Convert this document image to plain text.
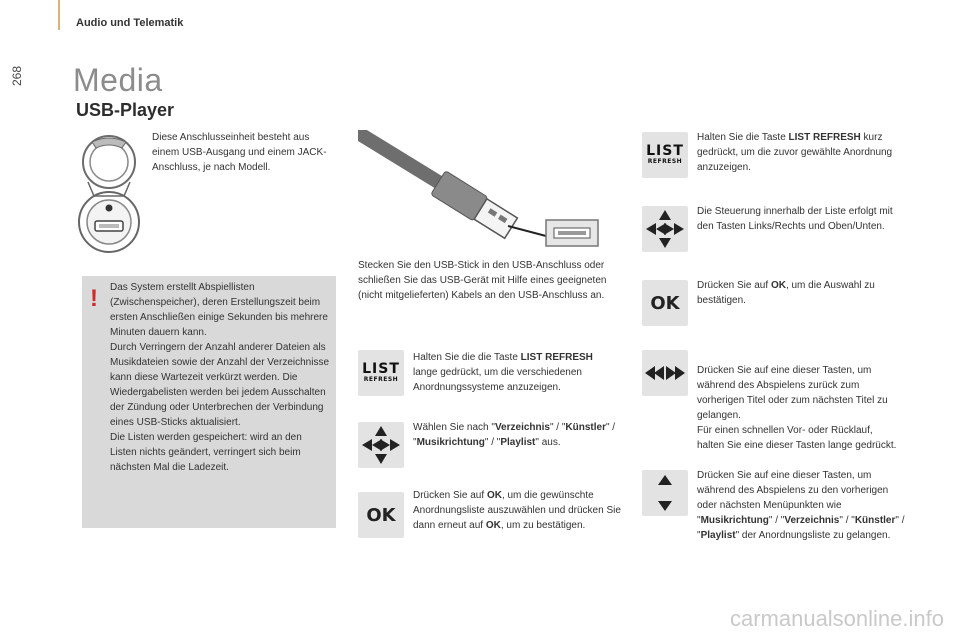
Audio und Telematik
268 Media
USB-Player
Diese Anschlusseinheit besteht aus einem USB-Ausgang und einem JACK-Anschluss, je nach Modell.
! Das System erstellt Abspiellisten (Zwischenspeicher), deren Erstellungszeit beim ersten Anschließen einige Sekunden bis mehrere Minuten dauern kann.
Durch Verringern der Anzahl anderer Dateien als Musikdateien sowie der Anzahl der Verzeichnisse kann diese Wartezeit verkürzt werden. Die Wiedergabelisten werden bei jedem Ausschalten der Zündung oder Unterbrechen der Verbindung eines USB-Sticks aktualisiert.
Die Listen werden gespeichert: wird an den Listen nichts geändert, verringert sich beim nächsten Mal die Ladezeit.
Stecken Sie den USB-Stick in den USB-Anschluss oder schließen Sie das USB-Gerät mit Hilfe eines geeigneten (nicht mitgelieferten) Kabels an den USB-Anschluss an.
LIST
REFRESH
Halten Sie die die Taste LIST REFRESH lange gedrückt, um die verschiedenen Anordnungssysteme anzuzeigen.
Wählen Sie nach "Verzeichnis" / "Künstler" / "Musikrichtung" / "Playlist" aus.
OK
Drücken Sie auf OK, um die gewünschte Anordnungsliste auszuwählen und drücken Sie dann erneut auf OK, um zu bestätigen.
LIST
REFRESH
Halten Sie die Taste LIST REFRESH kurz gedrückt, um die zuvor gewählte Anordnung anzuzeigen.
Die Steuerung innerhalb der Liste erfolgt mit den Tasten Links/Rechts und Oben/Unten.
OK
Drücken Sie auf OK, um die Auswahl zu bestätigen.

Drücken Sie auf eine dieser Tasten, um während des Abspielens zurück zum vorherigen Titel oder zum nächsten Titel zu gelangen.
Für einen schnellen Vor- oder Rücklauf, halten Sie eine dieser Tasten lange gedrückt.

Drücken Sie auf eine dieser Tasten, um während des Abspielens zu den vorherigen oder nächsten Menüpunkten wie "Musikrichtung" / "Verzeichnis" / "Künstler" / "Playlist" der Anordnungsliste zu gelangen.
carmanualsonline.info
